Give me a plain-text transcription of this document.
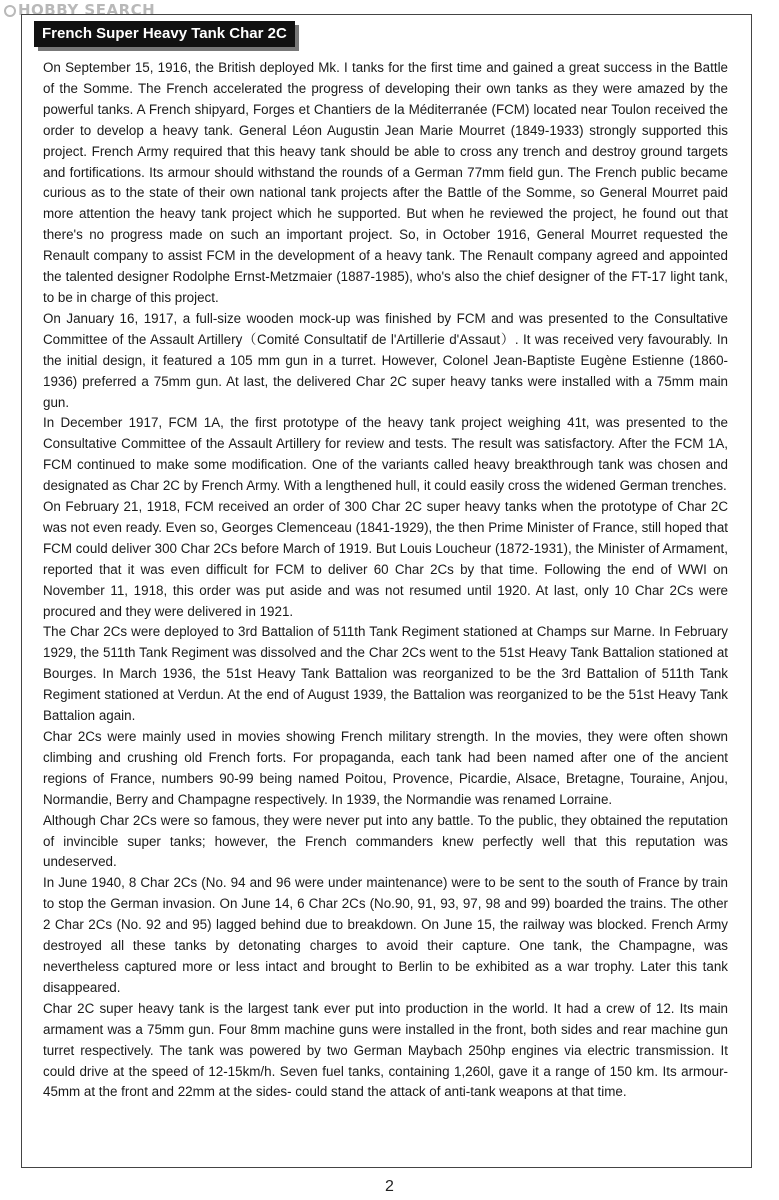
HOBBY SEARCH
French Super Heavy Tank Char 2C

On September 15, 1916, the British deployed Mk. I tanks for the first time and gained a great success in the Battle of the Somme. The French accelerated the progress of developing their own tanks as they were amazed by the powerful tanks. A French shipyard, Forges et Chantiers de la Méditerranée (FCM) located near Toulon received the order to develop a heavy tank. General Léon Augustin Jean Marie Mourret (1849-1933) strongly supported this project. French Army required that this heavy tank should be able to cross any trench and destroy ground targets and fortifications. Its armour should withstand the rounds of a German 77mm field gun. The French public became curious as to the state of their own national tank projects after the Battle of the Somme, so General Mourret paid more attention the heavy tank project which he supported. But when he reviewed the project, he found out that there's no progress made on such an important project. So, in October 1916, General Mourret requested the Renault company to assist FCM in the development of a heavy tank. The Renault company agreed and appointed the talented designer Rodolphe Ernst-Metzmaier (1887-1985), who's also the chief designer of the FT-17 light tank, to be in charge of this project.

On January 16, 1917, a full-size wooden mock-up was finished by FCM and was presented to the Consultative Committee of the Assault Artillery（Comité Consultatif de l'Artillerie d'Assaut）. It was received very favourably. In the initial design, it featured a 105 mm gun in a turret. However, Colonel Jean-Baptiste Eugène Estienne (1860-1936) preferred a 75mm gun. At last, the delivered Char 2C super heavy tanks were installed with a 75mm main gun.

In December 1917, FCM 1A, the first prototype of the heavy tank project weighing 41t, was presented to the Consultative Committee of the Assault Artillery for review and tests. The result was satisfactory. After the FCM 1A, FCM continued to make some modification. One of the variants called heavy breakthrough tank was chosen and designated as Char 2C by French Army. With a lengthened hull, it could easily cross the widened German trenches.

On February 21, 1918, FCM received an order of 300 Char 2C super heavy tanks when the prototype of Char 2C was not even ready. Even so, Georges Clemenceau (1841-1929), the then Prime Minister of France, still hoped that FCM could deliver 300 Char 2Cs before March of 1919. But Louis Loucheur (1872-1931), the Minister of Armament, reported that it was even difficult for FCM to deliver 60 Char 2Cs by that time. Following the end of WWI on November 11, 1918, this order was put aside and was not resumed until 1920. At last, only 10 Char 2Cs were procured and they were delivered in 1921.

The Char 2Cs were deployed to 3rd Battalion of 511th Tank Regiment stationed at Champs sur Marne. In February 1929, the 511th Tank Regiment was dissolved and the Char 2Cs went to the 51st Heavy Tank Battalion stationed at Bourges. In March 1936, the 51st Heavy Tank Battalion was reorganized to be the 3rd Battalion of 511th Tank Regiment stationed at Verdun. At the end of August 1939, the Battalion was reorganized to be the 51st Heavy Tank Battalion again.

Char 2Cs were mainly used in movies showing French military strength. In the movies, they were often shown climbing and crushing old French forts. For propaganda, each tank had been named after one of the ancient regions of France, numbers 90-99 being named Poitou, Provence, Picardie, Alsace, Bretagne, Touraine, Anjou, Normandie, Berry and Champagne respectively. In 1939, the Normandie was renamed Lorraine.

Although Char 2Cs were so famous, they were never put into any battle. To the public, they obtained the reputation of invincible super tanks; however, the French commanders knew perfectly well that this reputation was undeserved.

In June 1940, 8 Char 2Cs (No. 94 and 96 were under maintenance) were to be sent to the south of France by train to stop the German invasion. On June 14, 6 Char 2Cs (No.90, 91, 93, 97, 98 and 99) boarded the trains. The other 2 Char 2Cs (No. 92 and 95) lagged behind due to breakdown. On June 15, the railway was blocked. French Army destroyed all these tanks by detonating charges to avoid their capture. One tank, the Champagne, was nevertheless captured more or less intact and brought to Berlin to be exhibited as a war trophy. Later this tank disappeared.

Char 2C super heavy tank is the largest tank ever put into production in the world. It had a crew of 12. Its main armament was a 75mm gun. Four 8mm machine guns were installed in the front, both sides and rear machine gun turret respectively. The tank was powered by two German Maybach 250hp engines via electric transmission. It could drive at the speed of 12-15km/h. Seven fuel tanks, containing 1,260l, gave it a range of 150 km. Its armour- 45mm at the front and 22mm at the sides- could stand the attack of anti-tank weapons at that time.

2
